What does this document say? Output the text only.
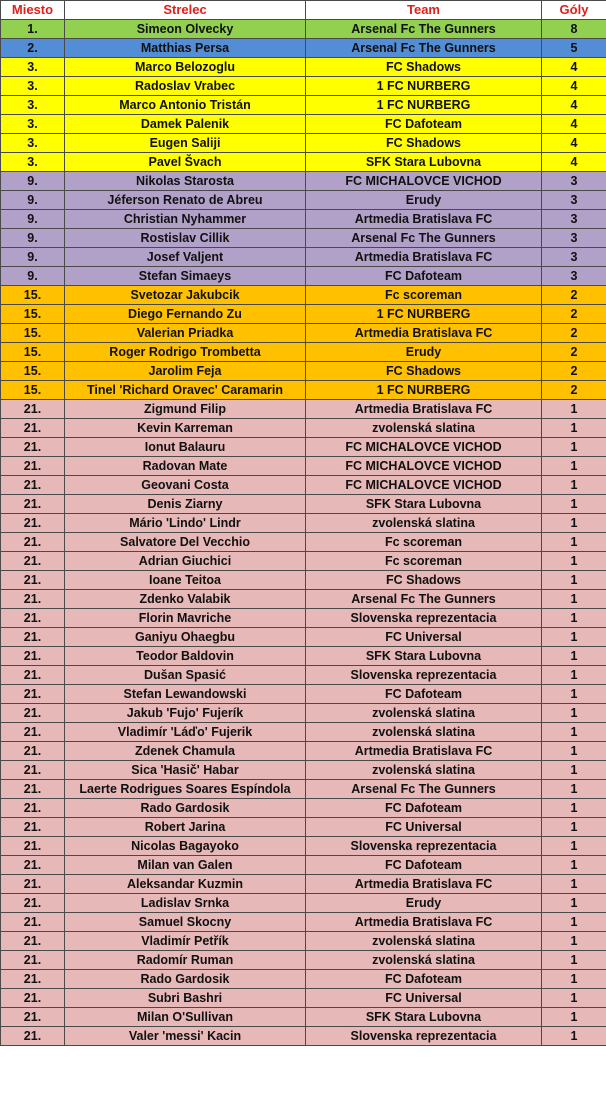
Miesto	Strelec	Team	Góly
1.	Simeon Olvecky	Arsenal Fc The Gunners	8
2.	Matthias Persa	Arsenal Fc The Gunners	5
3.	Marco Belozoglu	FC Shadows	4
3.	Radoslav Vrabec	1 FC NURBERG	4
3.	Marco Antonio Tristán	1 FC NURBERG	4
3.	Damek Palenik	FC Dafoteam	4
3.	Eugen Saliji	FC Shadows	4
3.	Pavel Švach	SFK Stara Lubovna	4
9.	Nikolas Starosta	FC MICHALOVCE VICHOD	3
9.	Jéferson Renato de Abreu	Erudy	3
9.	Christian Nyhammer	Artmedia Bratislava FC	3
9.	Rostislav Cillik	Arsenal Fc The Gunners	3
9.	Josef Valjent	Artmedia Bratislava FC	3
9.	Stefan Simaeys	FC Dafoteam	3
15.	Svetozar Jakubcik	Fc scoreman	2
15.	Diego Fernando Zu	1 FC NURBERG	2
15.	Valerian Priadka	Artmedia Bratislava FC	2
15.	Roger Rodrigo Trombetta	Erudy	2
15.	Jarolim Feja	FC Shadows	2
15.	Tinel 'Richard Oravec' Caramarin	1 FC NURBERG	2
21.	Zigmund Filip	Artmedia Bratislava FC	1
21.	Kevin Karreman	zvolenská slatina	1
21.	Ionut Balauru	FC MICHALOVCE VICHOD	1
21.	Radovan Mate	FC MICHALOVCE VICHOD	1
21.	Geovani Costa	FC MICHALOVCE VICHOD	1
21.	Denis Ziarny	SFK Stara Lubovna	1
21.	Mário 'Lindo' Lindr	zvolenská slatina	1
21.	Salvatore Del Vecchio	Fc scoreman	1
21.	Adrian Giuchici	Fc scoreman	1
21.	Ioane Teitoa	FC Shadows	1
21.	Zdenko Valabik	Arsenal Fc The Gunners	1
21.	Florin Mavriche	Slovenska reprezentacia	1
21.	Ganiyu Ohaegbu	FC Universal	1
21.	Teodor Baldovin	SFK Stara Lubovna	1
21.	Dušan Spasić	Slovenska reprezentacia	1
21.	Stefan Lewandowski	FC Dafoteam	1
21.	Jakub 'Fujo' Fujerík	zvolenská slatina	1
21.	Vladimír 'Láďo' Fujerik	zvolenská slatina	1
21.	Zdenek Chamula	Artmedia Bratislava FC	1
21.	Sica 'Hasič' Habar	zvolenská slatina	1
21.	Laerte Rodrigues Soares Espíndola	Arsenal Fc The Gunners	1
21.	Rado Gardosik	FC Dafoteam	1
21.	Robert Jarina	FC Universal	1
21.	Nicolas Bagayoko	Slovenska reprezentacia	1
21.	Milan van Galen	FC Dafoteam	1
21.	Aleksandar Kuzmin	Artmedia Bratislava FC	1
21.	Ladislav Srnka	Erudy	1
21.	Samuel Skocny	Artmedia Bratislava FC	1
21.	Vladimír Petřík	zvolenská slatina	1
21.	Radomír Ruman	zvolenská slatina	1
21.	Rado Gardosik	FC Dafoteam	1
21.	Subri Bashri	FC Universal	1
21.	Milan O'Sullivan	SFK Stara Lubovna	1
21.	Valer 'messi' Kacin	Slovenska reprezentacia	1
